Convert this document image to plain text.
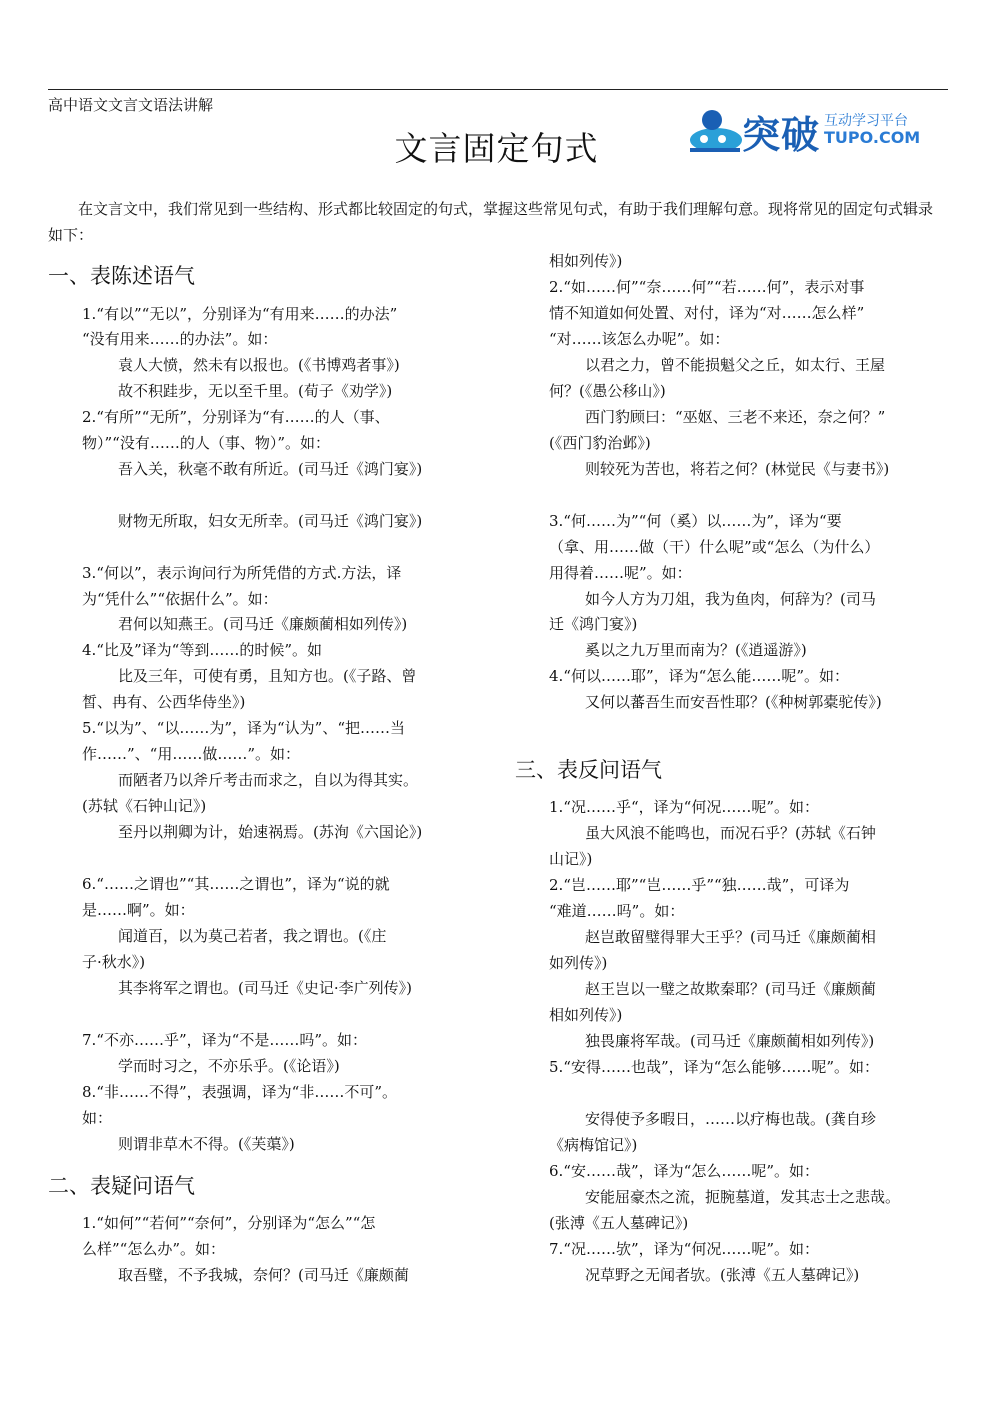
高中语文文言文语法讲解
突破 互动学习平台
TUPO.COM
文言固定句式
在文言文中，我们常见到一些结构、形式都比较固定的句式，掌握这些常见句式，有助于我们理解句意。现将常见的固定句式辑录如下：
一、表陈述语气
1.“有以”“无以”，分别译为“有用来……的办法”
“没有用来……的办法”。如：
袁人大愤，然未有以报也。(《书博鸡者事》)
故不积跬步，无以至千里。(荀子《劝学》)
2.“有所”“无所”，分别译为“有……的人（事、
物）”“没有……的人（事、物）”。如：
吾入关，秋毫不敢有所近。(司马迁《鸿门宴》)
财物无所取，妇女无所幸。(司马迁《鸿门宴》)
3.“何以”，表示询问行为所凭借的方式.方法，译
为“凭什么”“依据什么”。如：
君何以知燕王。(司马迁《廉颇蔺相如列传》)
4.“比及”译为“等到……的时候”。如
比及三年，可使有勇，且知方也。(《子路、曾
皙、冉有、公西华侍坐》)
5.“以为”、“以……为”，译为“认为”、“把……当
作……”、“用……做……”。如：
而陋者乃以斧斤考击而求之，自以为得其实。
(苏轼《石钟山记》)
至丹以荆卿为计，始速祸焉。(苏洵《六国论》)
6.“……之谓也”“其……之谓也”，译为“说的就
是……啊”。如：
闻道百，以为莫己若者，我之谓也。(《庄
子·秋水》)
其李将军之谓也。(司马迁《史记·李广列传》)
7.“不亦……乎”，译为“不是……吗”。如：
学而时习之，不亦乐乎。(《论语》)
8.“非……不得”，表强调，译为“非……不可”。
如：
则谓非草木不得。(《芙蕖》)
二、表疑问语气
1.“如何”“若何”“奈何”，分别译为“怎么”“怎
么样”“怎么办”。如：
取吾璧，不予我城，奈何？(司马迁《廉颇蔺
相如列传》)
2.“如……何”“奈……何”“若……何”，表示对事
情不知道如何处置、对付，译为“对……怎么样”
“对……该怎么办呢”。如：
以君之力，曾不能损魁父之丘，如太行、王屋
何？(《愚公移山》)
西门豹顾曰：“巫妪、三老不来还，奈之何？”
(《西门豹治邺》)
则较死为苦也，将若之何？(林觉民《与妻书》)
3.“何……为”“何（奚）以……为”，译为“要
（拿、用……做（干）什么呢”或“怎么（为什么）
用得着……呢”。如：
如今人方为刀俎，我为鱼肉，何辞为？(司马
迁《鸿门宴》)
奚以之九万里而南为？(《逍遥游》)
4.“何以……耶”，译为“怎么能……呢”。如：
又何以蕃吾生而安吾性耶？(《种树郭橐驼传》)
三、表反问语气
1.“况……乎“，译为“何况……呢”。如：
虽大风浪不能鸣也，而况石乎？(苏轼《石钟
山记》)
2.“岂……耶”“岂……乎”“独……哉”，可译为
“难道……吗”。如：
赵岂敢留璧得罪大王乎？(司马迁《廉颇蔺相
如列传》)
赵王岂以一璧之故欺秦耶？(司马迁《廉颇蔺
相如列传》)
独畏廉将军哉。(司马迁《廉颇蔺相如列传》)
5.“安得……也哉”，译为“怎么能够……呢”。如：
安得使予多暇日，……以疗梅也哉。(龚自珍
《病梅馆记》)
6.“安……哉”，译为“怎么……呢”。如：
安能屈豪杰之流，扼腕墓道，发其志士之悲哉。
(张溥《五人墓碑记》)
7.“况……欤”，译为“何况……呢”。如：
况草野之无闻者欤。(张溥《五人墓碑记》)
